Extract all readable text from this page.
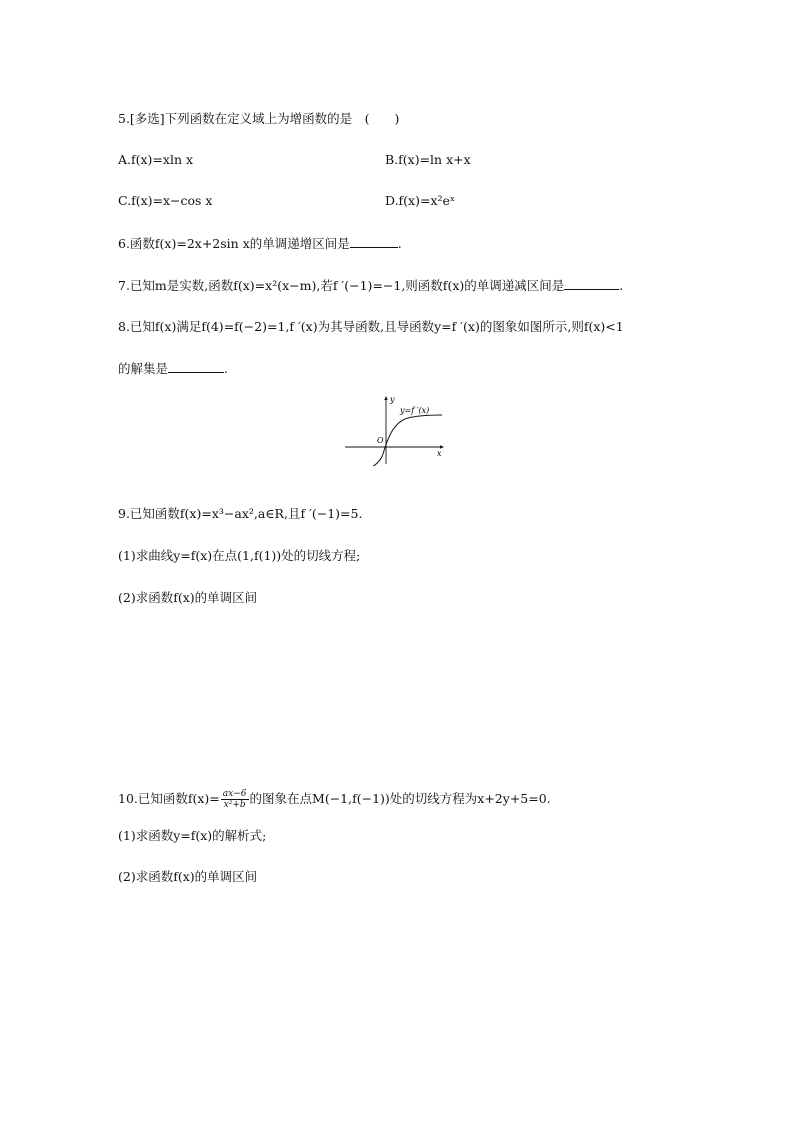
5.[多选]下列函数在定义域上为增函数的是　(　　)
A.f(x)=xln x	B.f(x)=ln x+x
C.f(x)=x−cos x	D.f(x)=x²eˣ
6.函数f(x)=2x+2sin x的单调递增区间是	.
7.已知m是实数,函数f(x)=x²(x−m),若f ′(−1)=−1,则函数f(x)的单调递减区间是	.
8.已知f(x)满足f(4)=f(−2)=1,f ′(x)为其导函数,且导函数y=f ′(x)的图象如图所示,则f(x)<1
的解集是	.
y
x
O
y=f ′(x)
9.已知函数f(x)=x³−ax²,a∈R,且f ′(−1)=5.
(1)求曲线y=f(x)在点(1,f(1))处的切线方程;
(2)求函数f(x)的单调区间
10.已知函数$f(x)= \frac{ax-6}{\text{x²+b}}$ 的图象在点M(−1,f(−1))处的切线方程为x+2y+5=0.
(1)求函数y=f(x)的解析式;
(2)求函数f(x)的单调区间
